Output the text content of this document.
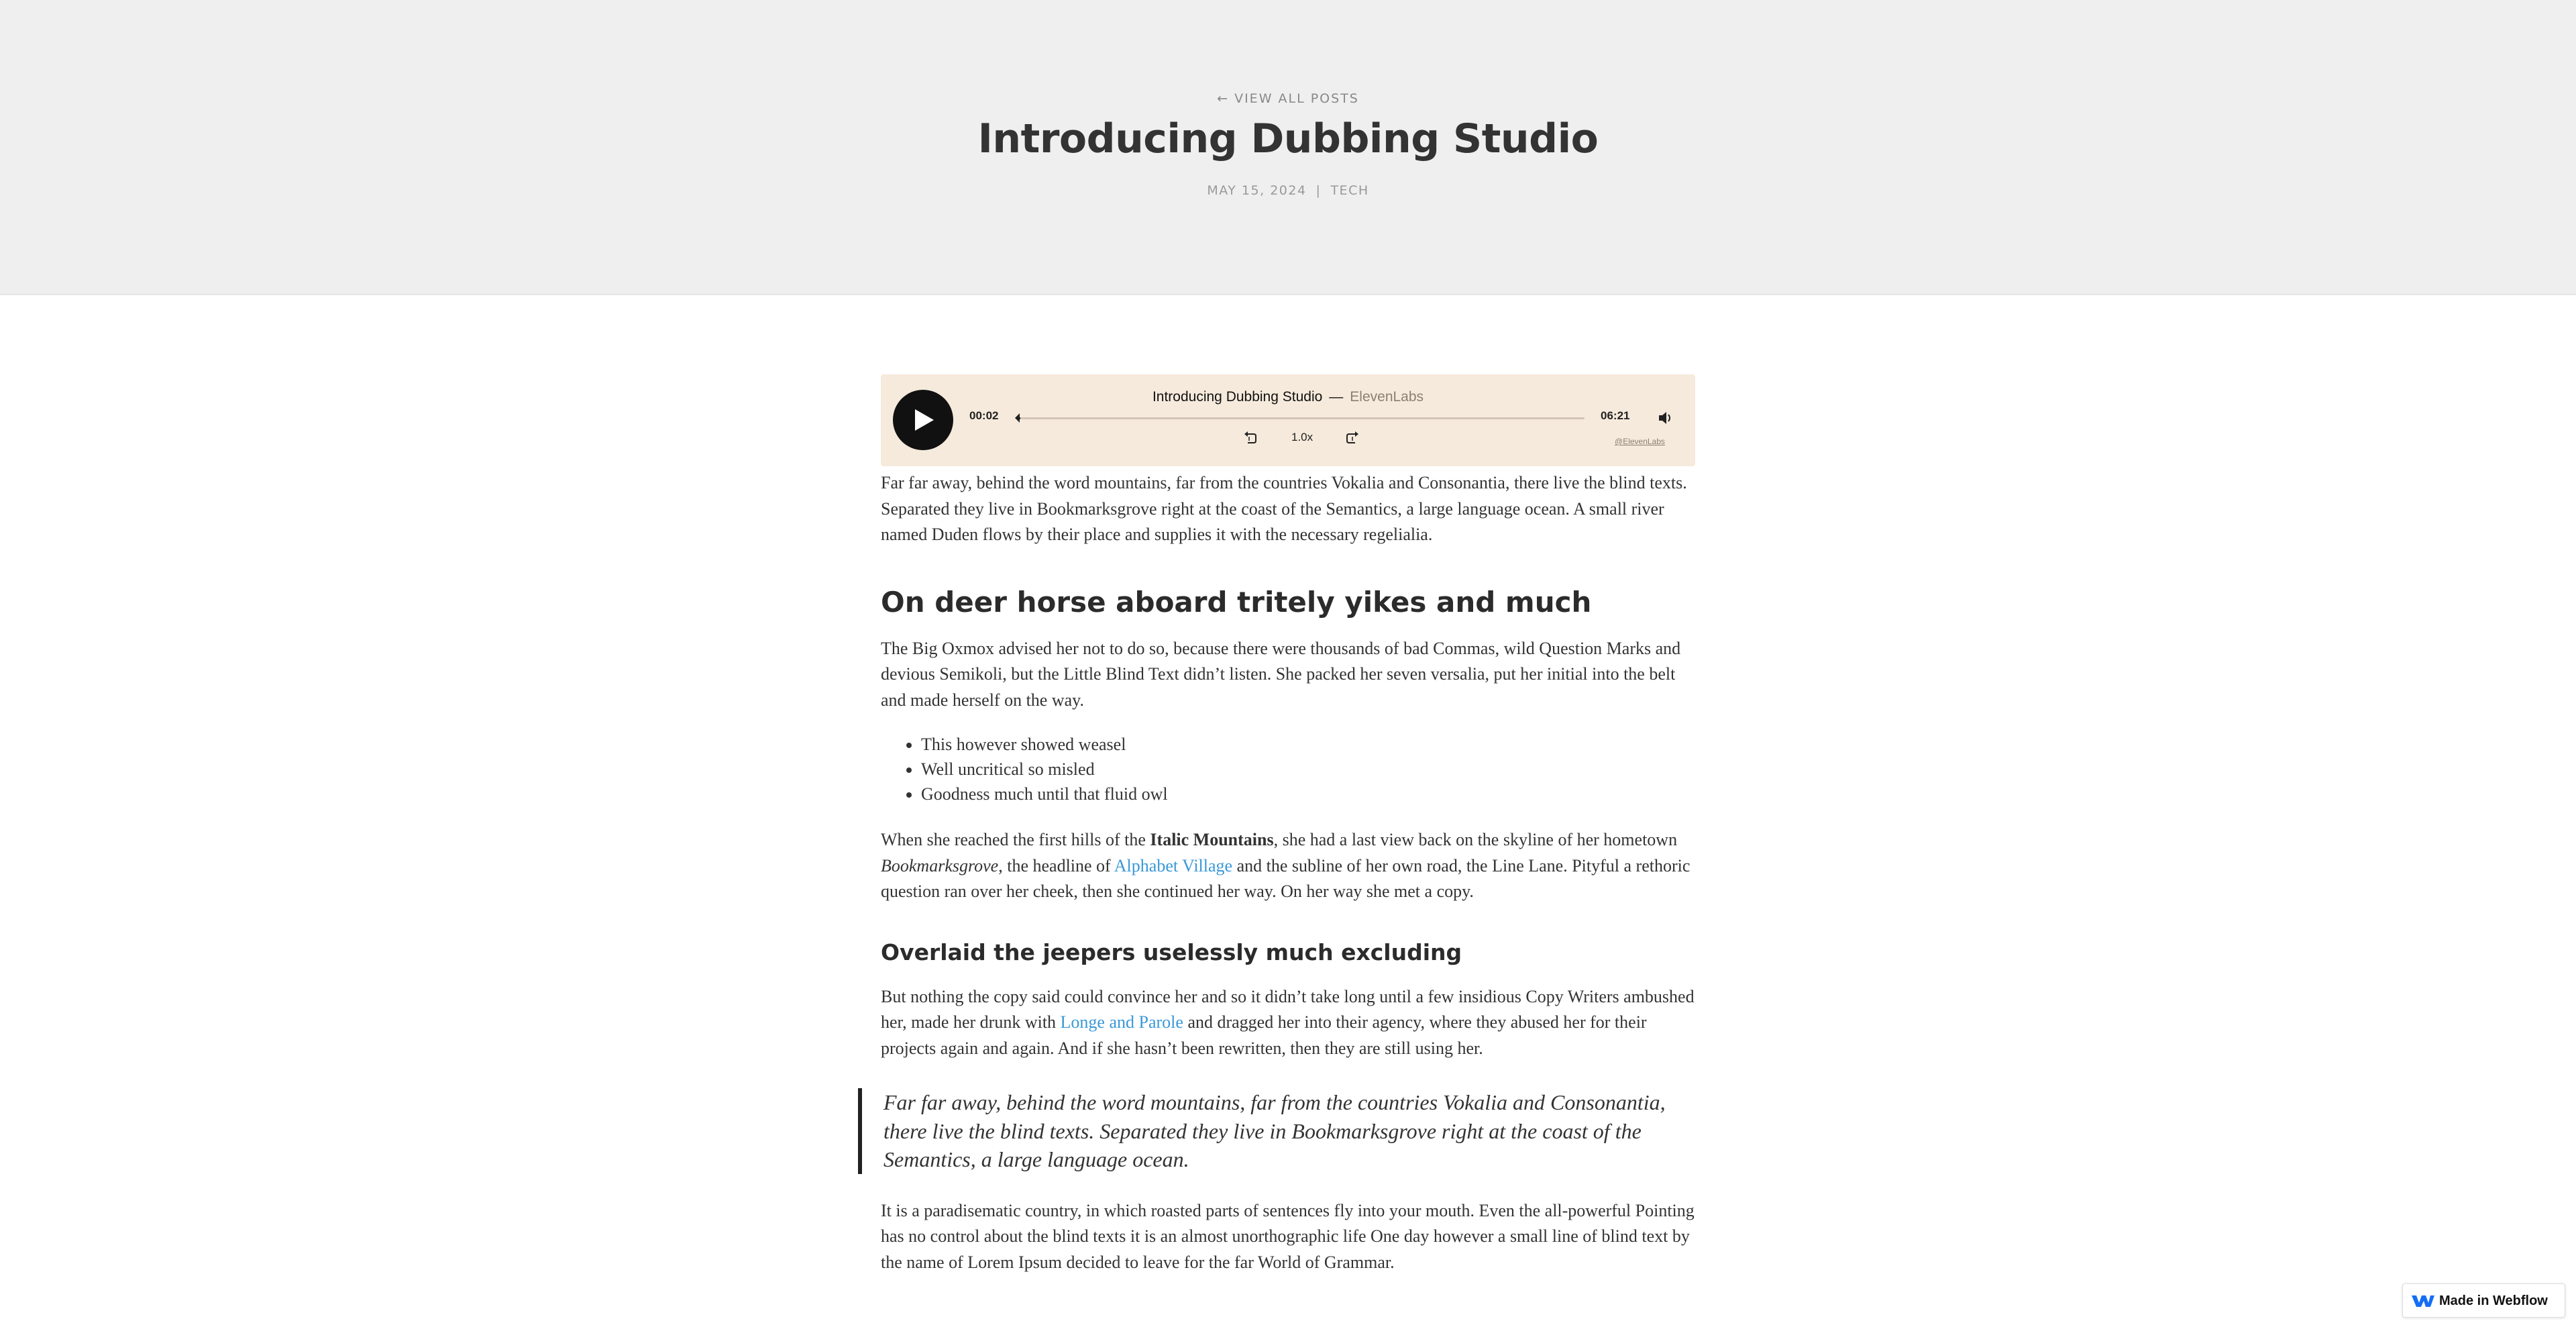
← VIEW ALL POSTS
Introducing Dubbing Studio
MAY 15, 2024 | TECH
Introducing Dubbing Studio — ElevenLabs
00:02	06:21
1.0x	@ElevenLabs

Far far away, behind the word mountains, far from the countries Vokalia and Consonantia, there live the blind texts. Separated they live in Bookmarksgrove right at the coast of the Semantics, a large language ocean. A small river named Duden flows by their place and supplies it with the necessary regelialia.

On deer horse aboard tritely yikes and much

The Big Oxmox advised her not to do so, because there were thousands of bad Commas, wild Question Marks and devious Semikoli, but the Little Blind Text didn’t listen. She packed her seven versalia, put her initial into the belt and made herself on the way.

• This however showed weasel
• Well uncritical so misled
• Goodness much until that fluid owl

When she reached the first hills of the Italic Mountains, she had a last view back on the skyline of her hometown Bookmarksgrove, the headline of Alphabet Village and the subline of her own road, the Line Lane. Pityful a rethoric question ran over her cheek, then she continued her way. On her way she met a copy.

Overlaid the jeepers uselessly much excluding

But nothing the copy said could convince her and so it didn’t take long until a few insidious Copy Writers ambushed her, made her drunk with Longe and Parole and dragged her into their agency, where they abused her for their projects again and again. And if she hasn’t been rewritten, then they are still using her.

Far far away, behind the word mountains, far from the countries Vokalia and Consonantia, there live the blind texts. Separated they live in Bookmarksgrove right at the coast of the Semantics, a large language ocean.

It is a paradisematic country, in which roasted parts of sentences fly into your mouth. Even the all-powerful Pointing has no control about the blind texts it is an almost unorthographic life One day however a small line of blind text by the name of Lorem Ipsum decided to leave for the far World of Grammar.

Made in Webflow
